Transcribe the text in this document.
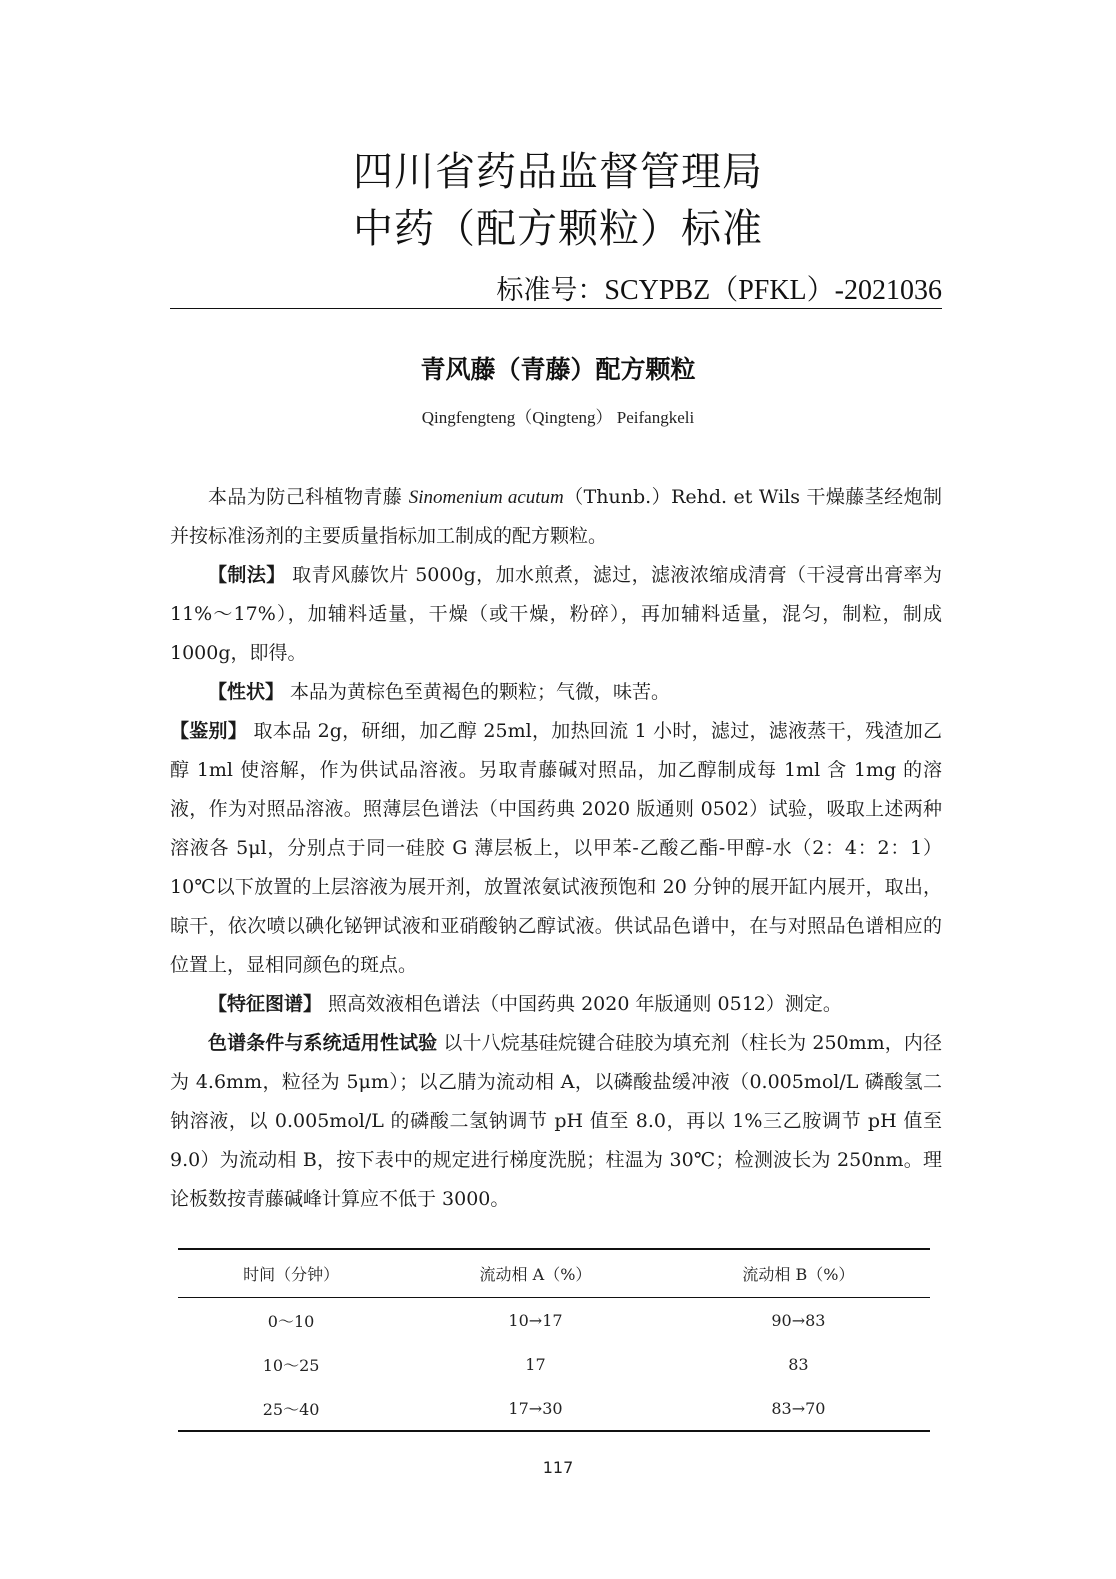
四川省药品监督管理局
中药（配方颗粒）标准
标准号：SCYPBZ（PFKL）-2021036
青风藤（青藤）配方颗粒
Qingfengteng（Qingteng） Peifangkeli

本品为防己科植物青藤 Sinomenium acutum（Thunb.）Rehd. et Wils 干燥藤茎经炮制并按标准汤剂的主要质量指标加工制成的配方颗粒。

【制法】 取青风藤饮片 5000g，加水煎煮，滤过，滤液浓缩成清膏（干浸膏出膏率为 11%～17%），加辅料适量，干燥（或干燥，粉碎），再加辅料适量，混匀，制粒，制成 1000g，即得。

【性状】 本品为黄棕色至黄褐色的颗粒；气微，味苦。

【鉴别】 取本品 2g，研细，加乙醇 25ml，加热回流 1 小时，滤过，滤液蒸干，残渣加乙醇 1ml 使溶解，作为供试品溶液。另取青藤碱对照品，加乙醇制成每 1ml 含 1mg 的溶液，作为对照品溶液。照薄层色谱法（中国药典 2020 版通则 0502）试验，吸取上述两种溶液各 5μl，分别点于同一硅胶 G 薄层板上，以甲苯-乙酸乙酯-甲醇-水（2：4：2：1）10℃以下放置的上层溶液为展开剂，放置浓氨试液预饱和 20 分钟的展开缸内展开，取出，晾干，依次喷以碘化铋钾试液和亚硝酸钠乙醇试液。供试品色谱中，在与对照品色谱相应的位置上，显相同颜色的斑点。

【特征图谱】 照高效液相色谱法（中国药典 2020 年版通则 0512）测定。

色谱条件与系统适用性试验 以十八烷基硅烷键合硅胶为填充剂（柱长为 250mm，内径为 4.6mm，粒径为 5μm）；以乙腈为流动相 A，以磷酸盐缓冲液（0.005mol/L 磷酸氢二钠溶液，以 0.005mol/L 的磷酸二氢钠调节 pH 值至 8.0，再以 1%三乙胺调节 pH 值至 9.0）为流动相 B，按下表中的规定进行梯度洗脱；柱温为 30℃；检测波长为 250nm。理论板数按青藤碱峰计算应不低于 3000。

时间（分钟）	流动相 A（%）	流动相 B（%）
0～10	10→17	90→83
10～25	17	83
25～40	17→30	83→70
117
